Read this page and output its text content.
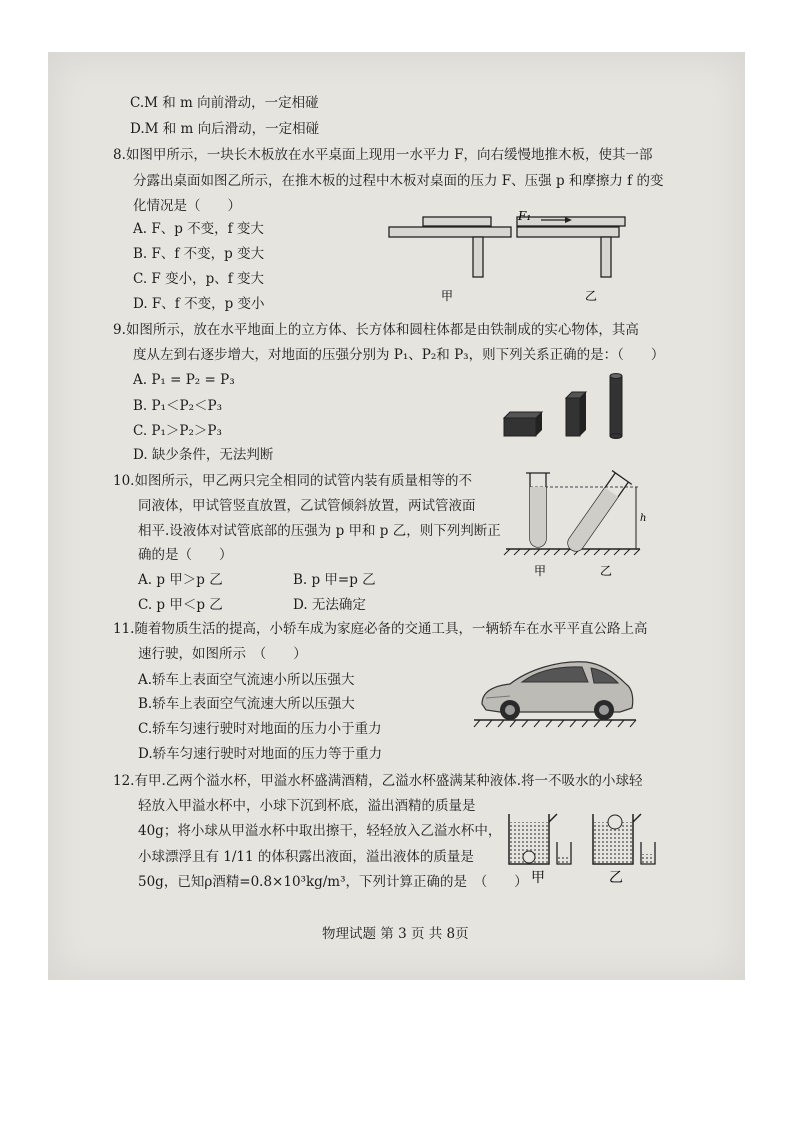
C.M 和 m 向前滑动，一定相碰
D.M 和 m 向后滑动，一定相碰
8.如图甲所示，一块长木板放在水平桌面上现用一水平力 F，向右缓慢地推木板，使其一部
分露出桌面如图乙所示，在推木板的过程中木板对桌面的压力 F、压强 p 和摩擦力 f 的变
化情况是（　　）
A. F、p 不变，f 变大
B. F、f 不变，p 变大
C. F 变小，p、f 变大
D. F、f 不变，p 变小
F₁
甲	乙
9.如图所示，放在水平地面上的立方体、长方体和圆柱体都是由铁制成的实心物体，其高
度从左到右逐步增大，对地面的压强分别为 P₁、P₂和 P₃，则下列关系正确的是：（　　）
A. P₁ = P₂ = P₃
B. P₁＜P₂＜P₃
C. P₁＞P₂＞P₃
D. 缺少条件，无法判断
10.如图所示，甲乙两只完全相同的试管内装有质量相等的不
同液体，甲试管竖直放置，乙试管倾斜放置，两试管液面
相平.设液体对试管底部的压强为 p 甲和 p 乙，则下列判断正
确的是（　　）
A. p 甲＞p 乙	B. p 甲=p 乙
C. p 甲＜p 乙	D. 无法确定
h
甲	乙
11.随着物质生活的提高，小轿车成为家庭必备的交通工具，一辆轿车在水平平直公路上高
速行驶，如图所示　（　　）
A.轿车上表面空气流速小所以压强大
B.轿车上表面空气流速大所以压强大
C.轿车匀速行驶时对地面的压力小于重力
D.轿车匀速行驶时对地面的压力等于重力
12.有甲.乙两个溢水杯，甲溢水杯盛满酒精，乙溢水杯盛满某种液体.将一不吸水的小球轻
轻放入甲溢水杯中，小球下沉到杯底，溢出酒精的质量是
40g；将小球从甲溢水杯中取出擦干，轻轻放入乙溢水杯中，
小球漂浮且有 1/11 的体积露出液面，溢出液体的质量是
50g，已知ρ酒精=0.8×10³kg/m³，下列计算正确的是　（　　） 甲	乙
物理试题 第 3 页 共 8页
